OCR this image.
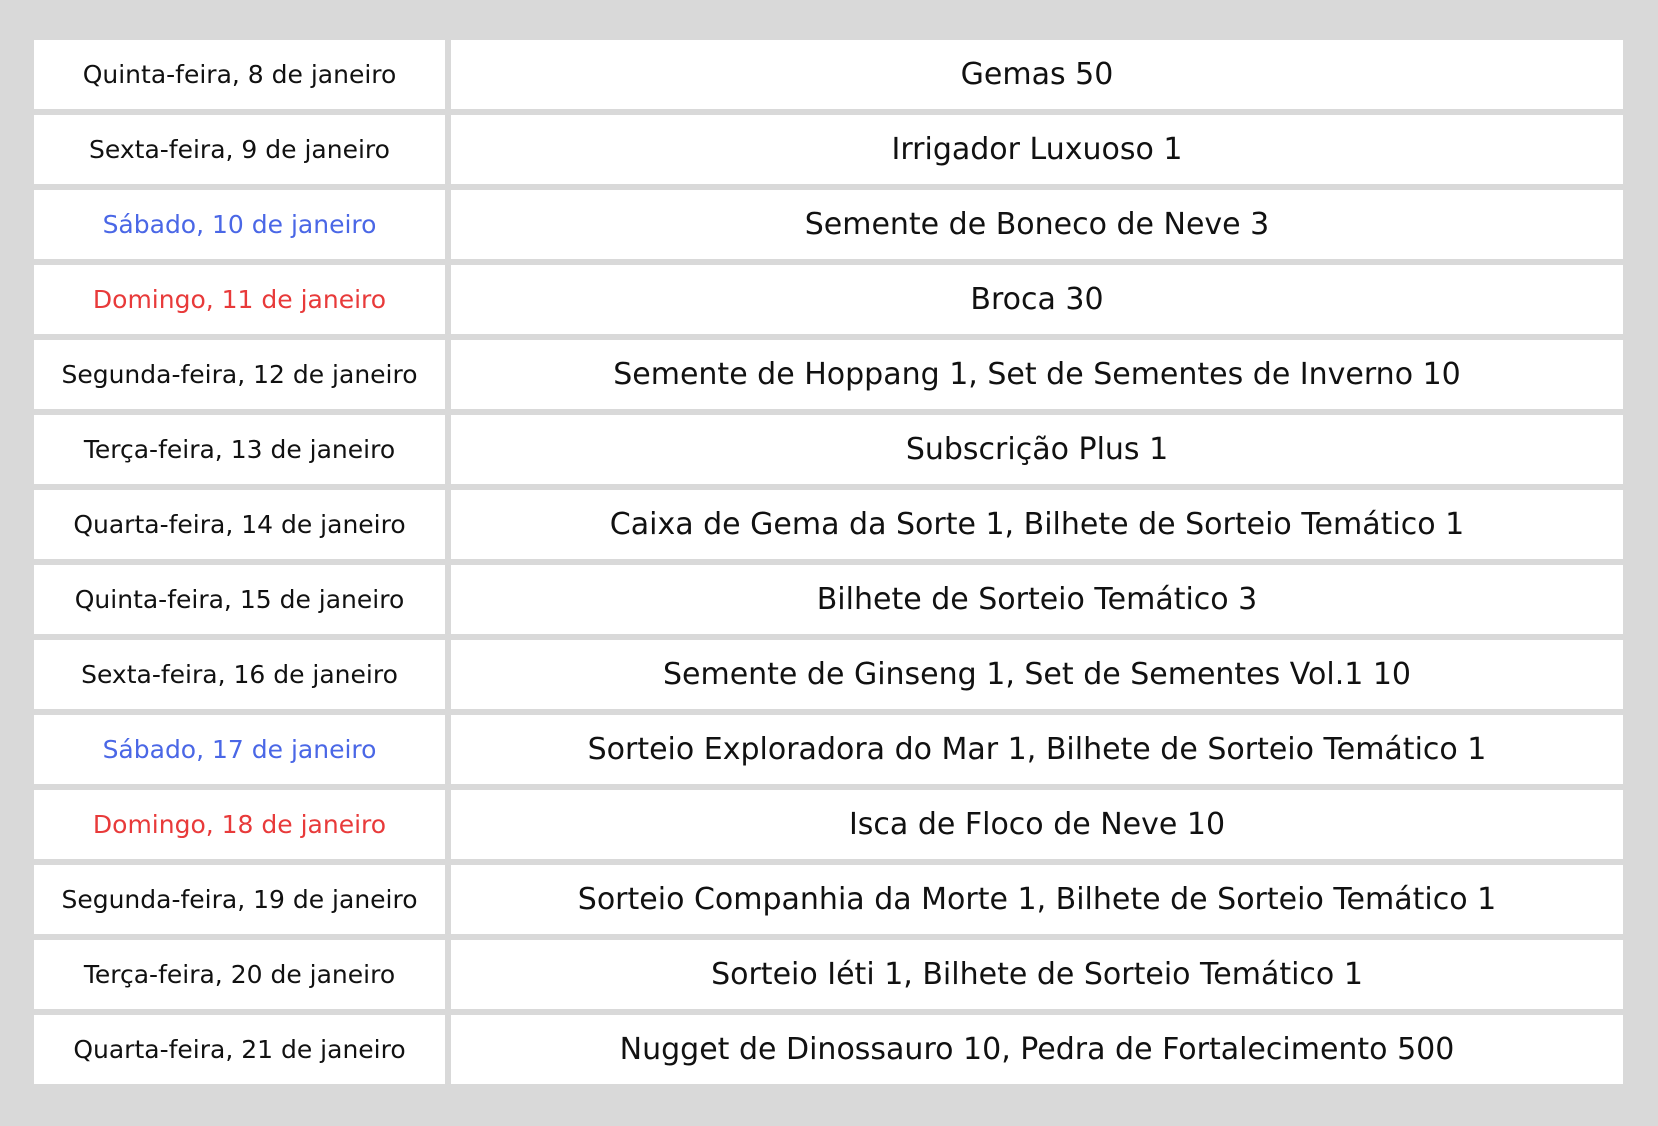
Quinta-feira, 8 de janeiro	Gemas 50
Sexta-feira, 9 de janeiro	Irrigador Luxuoso 1
Sábado, 10 de janeiro	Semente de Boneco de Neve 3
Domingo, 11 de janeiro	Broca 30
Segunda-feira, 12 de janeiro	Semente de Hoppang 1, Set de Sementes de Inverno 10
Terça-feira, 13 de janeiro	Subscrição Plus 1
Quarta-feira, 14 de janeiro	Caixa de Gema da Sorte 1, Bilhete de Sorteio Temático 1
Quinta-feira, 15 de janeiro	Bilhete de Sorteio Temático 3
Sexta-feira, 16 de janeiro	Semente de Ginseng 1, Set de Sementes Vol.1 10
Sábado, 17 de janeiro	Sorteio Exploradora do Mar 1, Bilhete de Sorteio Temático 1
Domingo, 18 de janeiro	Isca de Floco de Neve 10
Segunda-feira, 19 de janeiro	Sorteio Companhia da Morte 1, Bilhete de Sorteio Temático 1
Terça-feira, 20 de janeiro	Sorteio Iéti 1, Bilhete de Sorteio Temático 1
Quarta-feira, 21 de janeiro	Nugget de Dinossauro 10, Pedra de Fortalecimento 500
